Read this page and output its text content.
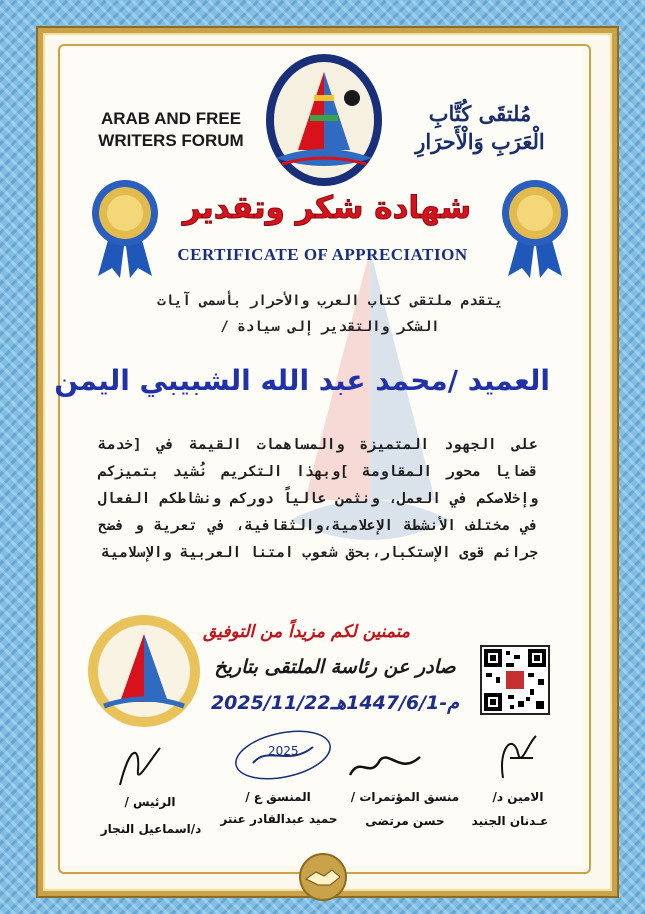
ARAB AND FREE WRITERS FORUM
مُلتقَى كُتَّابِ الْعَرَبِ وَالْأَحرَارِ
شهادة شكر وتقدير
CERTIFICATE OF APPRECIATION
يتقدم ملتقى كتاب العرب والأحرار بأسمى آيات
الشكر والتقدير إلى سيادة /
العميد /محمد عبد الله الشبيبي اليمن
على الجهود المتميزة والمساهمات القيمة في [خدمة قضايا محور المقاومة ]وبهذا التكريم نُشيد بتميزكم وإخلاصكم في العمل، ونثمن عالياً دوركم ونشاطكم الفعال في مختلف الأنشطة الإعلامية،والثقافية، في تعرية و فضح جرائم قوى الإستكبار،بحق شعوب امتنا العربية والإسلامية
متمنين لكم مزيداً من التوفيق
صادر عن رئاسة الملتقى بتاريخ
2025/11/22م-1447/6/1هـ
2025
الرئيس /
د/اسماعيل النجار
المنسق ع /
حميد عبدالقادر عنتر
منسق المؤتمرات /
حسن مرتضى
الامين د/
عـدنان الجنيد
